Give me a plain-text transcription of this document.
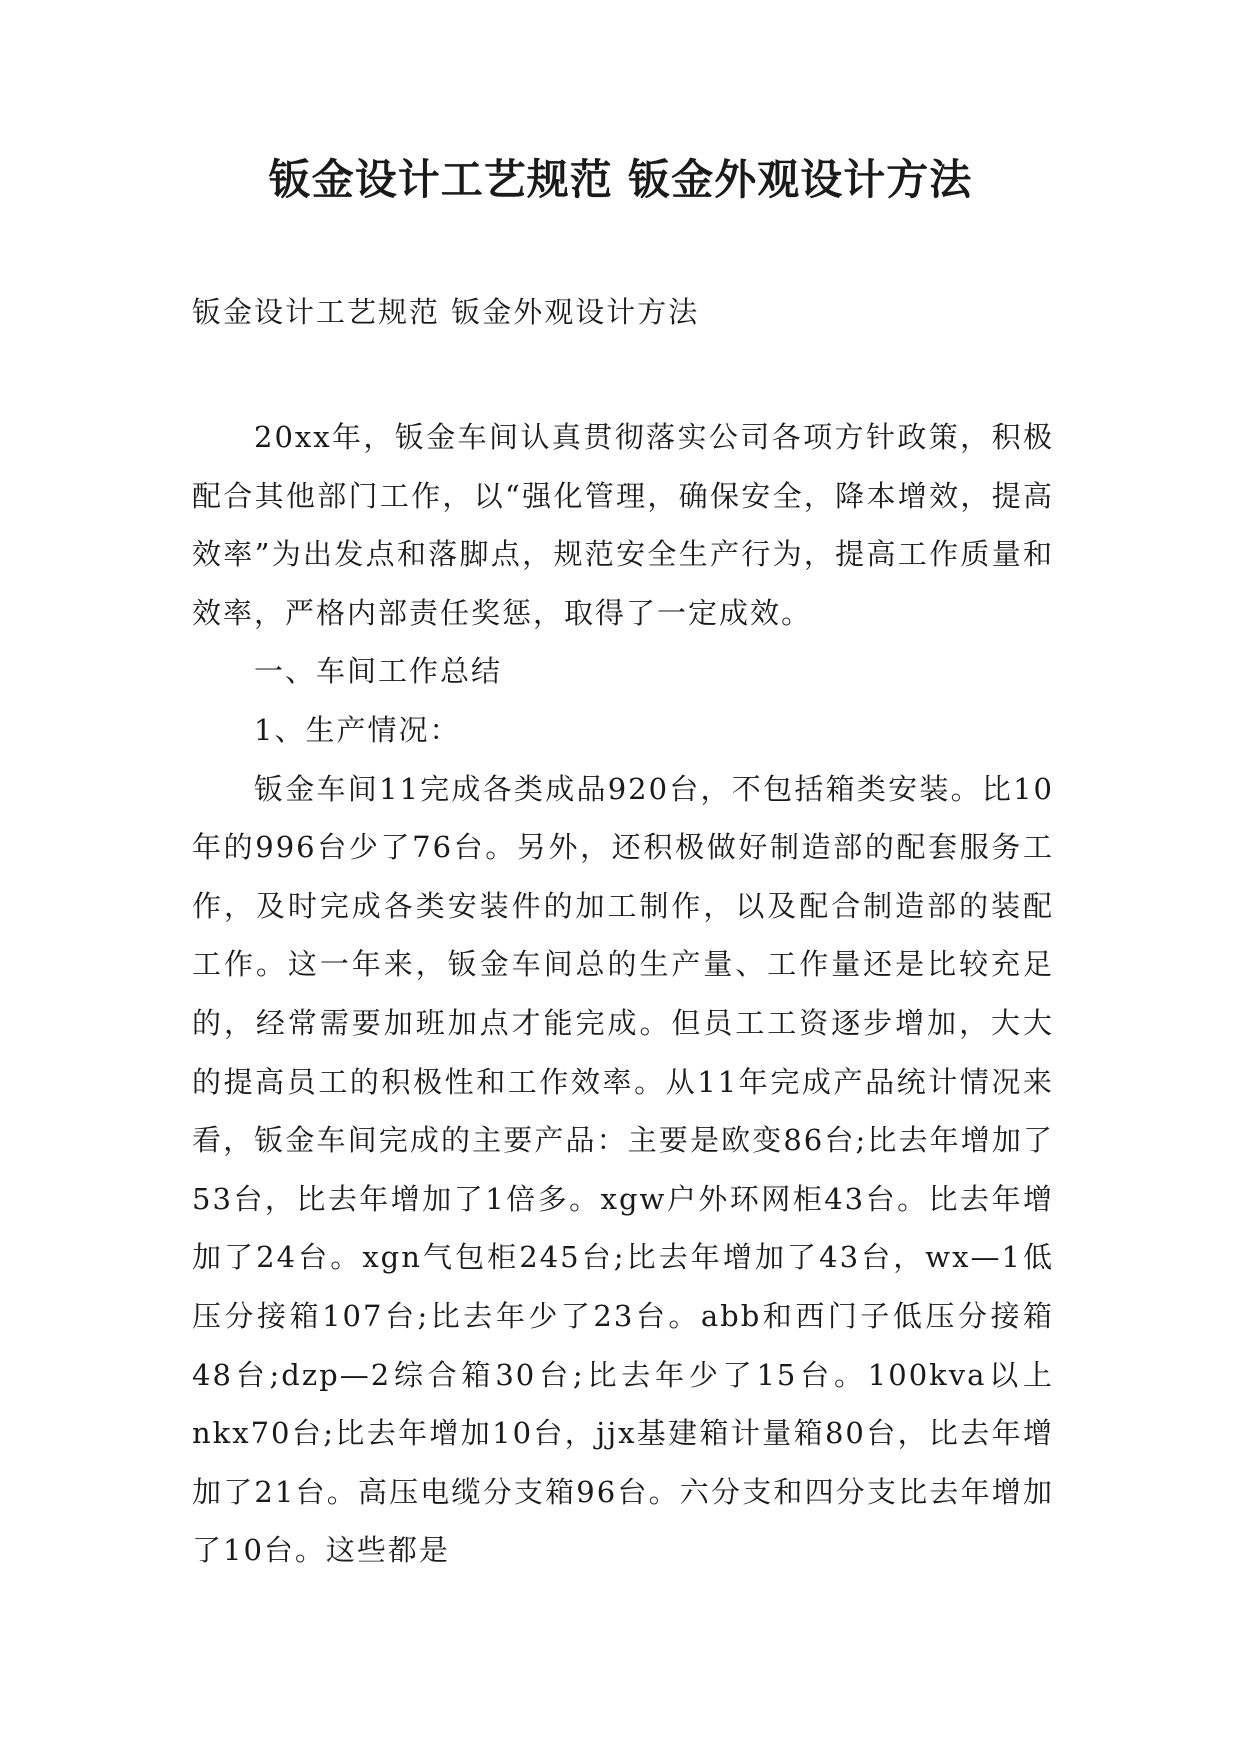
钣金设计工艺规范 钣金外观设计方法

钣金设计工艺规范 钣金外观设计方法

20xx年，钣金车间认真贯彻落实公司各项方针政策，积极配合其他部门工作，以“强化管理，确保安全，降本增效，提高效率”为出发点和落脚点，规范安全生产行为，提高工作质量和效率，严格内部责任奖惩，取得了一定成效。

一、车间工作总结

1、生产情况：

钣金车间11完成各类成品920台，不包括箱类安装。比10年的996台少了76台。另外，还积极做好制造部的配套服务工作，及时完成各类安装件的加工制作，以及配合制造部的装配工作。这一年来，钣金车间总的生产量、工作量还是比较充足的，经常需要加班加点才能完成。但员工工资逐步增加，大大的提高员工的积极性和工作效率。从11年完成产品统计情况来看，钣金车间完成的主要产品：主要是欧变86台;比去年增加了53台，比去年增加了1倍多。xgw户外环网柜43台。比去年增加了24台。xgn气包柜245台;比去年增加了43台，wx—1低压分接箱107台;比去年少了23台。abb和西门子低压分接箱48台;dzp—2综合箱30台;比去年少了15台。100kva以上nkx70台;比去年增加10台，jjx基建箱计量箱80台，比去年增加了21台。高压电缆分支箱96台。六分支和四分支比去年增加了10台。这些都是
